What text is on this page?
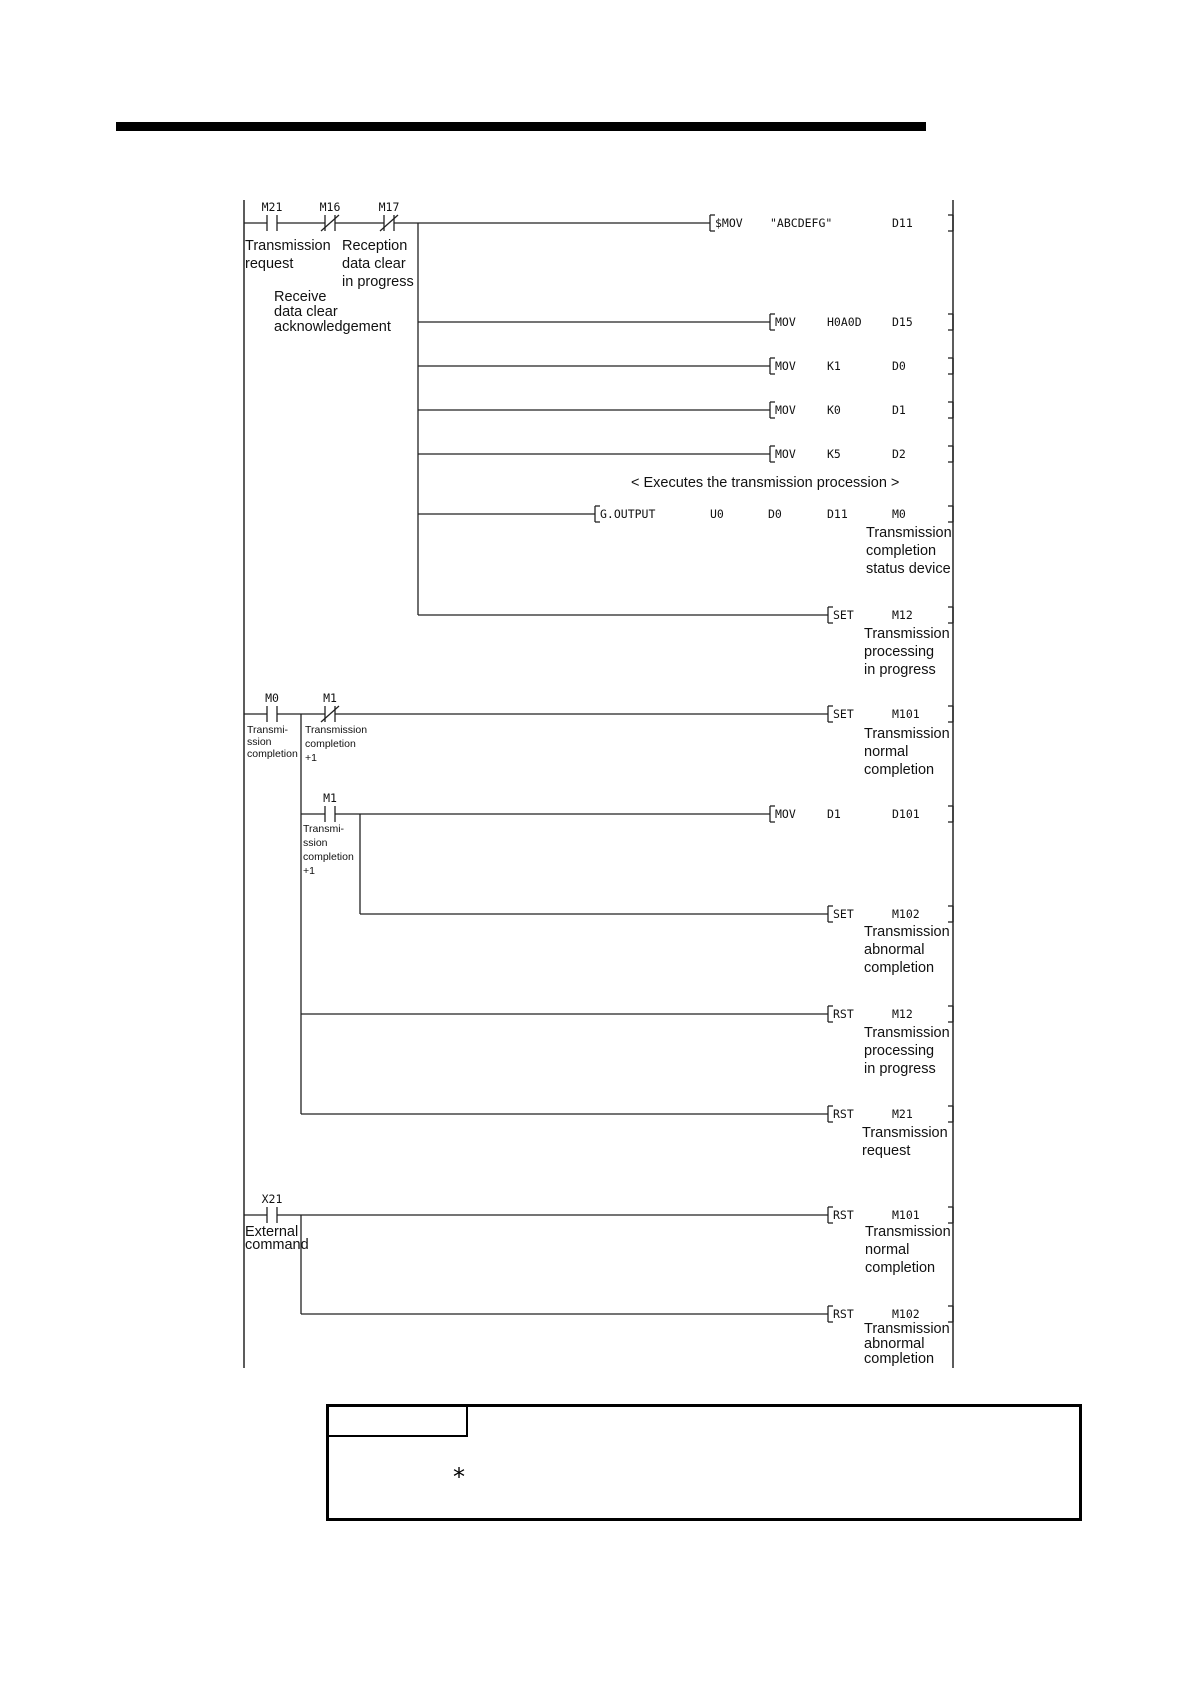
M21	M16	M17
Transmission
request
Reception
data clear
in progress
Receive
data clear
acknowledgement
$MOV "ABCDEFG"	D11
MOV	H0A0D	D15
MOV	K1	D0
MOV	K0	D1
MOV	K5	D2
< Executes the transmission procession >
G.OUTPUT	U0	D0	D11	M0
Transmission
completion
status device
SET	M12
Transmission
processing
in progress
M0	M1
Transmi-
ssion
completion
Transmission
completion
+1
SET	M101
Transmission
normal
completion
M1
Transmi-
ssion
completion
+1
MOV	D1	D101
SET	M102
Transmission
abnormal
completion
RST	M12
Transmission
processing
in progress
RST	M21
Transmission
request
X21
External
command
RST	M101
Transmission
normal
completion
RST	M102
Transmission
abnormal
completion
*
